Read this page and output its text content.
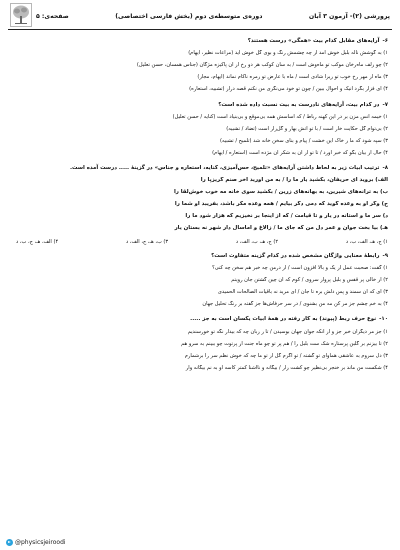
پرورشی (۲)- آزمون ۳ آبان
دوره‌ی متوسطه‌ی دوم (بخش فارسی اختصاصی)
صفحه‌ی: ۵
۶-آرایه‌های مقابل کدام بیت «همگی» درست هستند؟
۱) به گوشش ناله بلبل خوش آمد از چه چشمش رنگ و بوی گل خوش آید (مراعات نظیر، ایهام)
۲) چو زلف ماه‌رخان موکب تو ماه‌وش است / به سان کوکب هر دو رخ از آن پاکیزه مژگان (جناس همسان، حسن تعلیل)
۳) ماه از مهر رخ خوب تو زیرا شادی است / ماه با عارض تو زمره ناکام نماند (ایهام، مجاز)
۴) ای فزار بگرد انیک و احوال ببین / چون تو خود می‌نگری من نکنم قصه دراز (تشبیه، استعاره)
۷-در کدام بیت، آرایه‌های نادرست به بیت نسبت داده شده است؟
۱) خیمه انس مزن بر در این کهنه رباط / که اساسش همه بی‌موقع و بی‌بنیاد است (کنایه / حسن تعلیل)
۲) بی‌توام گل حکایت خار است / با تو آتش بهار و گل‌زار است (تضاد / تشبیه)
۳) سپه شود که ما ز خاک این خشت / پیام و بنای سخن خانه شد (تلمیح / تشبیه)
۴) حال از بیان بگو که خبر آورد / تا تو از آن به شکر آن مژده است (استعاره / ایهام)
۸-ترتیب ابیات زیر به لحاظ داشتن آرایه‌های «تلمیح، حس‌آمیزی، کنایه، استعاره و جناس» در گزینهٔ ..... درست آمده است.
الف) بروید ای حریفان، بکشید یار ما را / به من آورید آخر صنم گریزپا را
ب) به ترانه‌های شیرین، به بهانه‌های زرین / بکشید سوی خانه مه خوب خوش‌لقا را
ج) وگر او به وعده گوید که دمی دگر بیایم / همه وعده مکر باشد، بفریبد او شما را
د) سر ما و آستانه در یار و تا قیامت / که از اینجا بر نخیزیم که هزار شود ما را
هـ) بیا بخت جوان و عمر دل من که جای ما / زالاغ و اماسال دار شهر نه بستان یار
۱) ج، هـ، الف، ب، د
۲) ج، هـ، ب، الف، د
۳) ب، هـ، ج، الف، د
۴) الف، هـ، ج، ب، د
۹-رابطهٔ معنایی واژگان مشخص شده در کدام گزینه متفاوت است؟
۱) گفت: صحبت عمل از یک و بالا افزون است / از درمن چه خبر هم سخن چه کنی؟
۲) از خالی پر قفس و بلبل پرواز سروی / کوم که آن چین گشتن جان رویتم
۳) ای که آن سمند و پس دلش بره تا جان / ای مرید نه باقیات الصالحات الحمیدی
۴) به خم چشم جز مر کن مه من بشنوی / در سر حرفاش‌ها جز گفته بر رنگ تحلیل جهان
۱۰-نوع حرف ربط (پیوند) به کار رفته در همهٔ ابیات یکسان است به جز .....
۱) جز مر دیگران خبر جز و از آنکه جوان جهان بوسیدن / تا ز زبان چه که بیدار نگه تو خورسندیم
۲) تا بیزنم بر گلبن پرستاره شک ست بلبل را / هم پر تو چو ماه جنت از پرتوت چو ببینم به سرو هم
۳) دل سروم به عاشقی هماوای تو گشته / تو اگرم گل از تو ما چه که خوش نظم سر را برشمارم
۴) شکست من ماند بر خنجر بی‌نظیر چو کشت زار / بیگانه و ناآشنا کمتر کاسه او به نم بیگانه وار
@physicsjeiroodi
